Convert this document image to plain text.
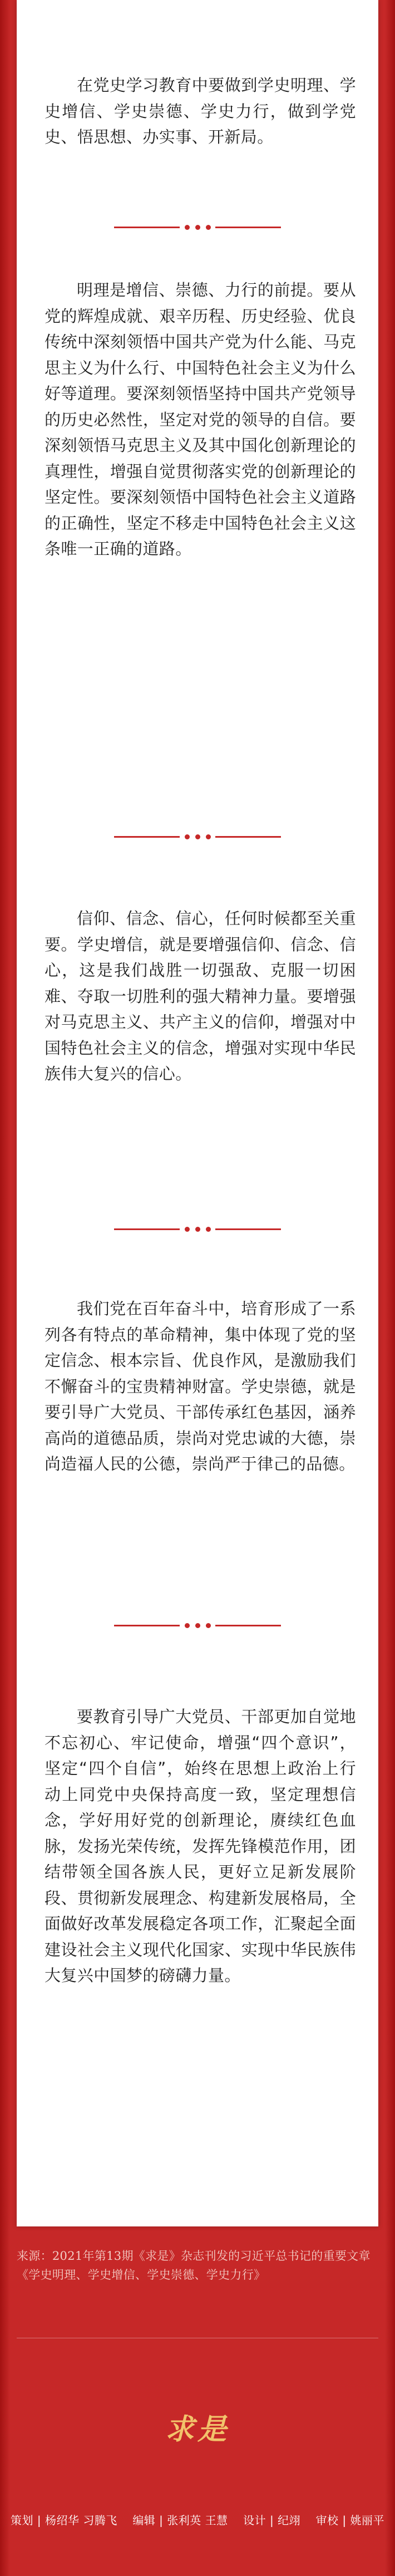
在党史学习教育中要做到学史明理、学史增信、学史崇德、学史力行，做到学党史、悟思想、办实事、开新局。

明理是增信、崇德、力行的前提。要从党的辉煌成就、艰辛历程、历史经验、优良传统中深刻领悟中国共产党为什么能、马克思主义为什么行、中国特色社会主义为什么好等道理。要深刻领悟坚持中国共产党领导的历史必然性，坚定对党的领导的自信。要深刻领悟马克思主义及其中国化创新理论的真理性，增强自觉贯彻落实党的创新理论的坚定性。要深刻领悟中国特色社会主义道路的正确性，坚定不移走中国特色社会主义这条唯一正确的道路。

信仰、信念、信心，任何时候都至关重要。学史增信，就是要增强信仰、信念、信心，这是我们战胜一切强敌、克服一切困难、夺取一切胜利的强大精神力量。要增强对马克思主义、共产主义的信仰，增强对中国特色社会主义的信念，增强对实现中华民族伟大复兴的信心。

我们党在百年奋斗中，培育形成了一系列各有特点的革命精神，集中体现了党的坚定信念、根本宗旨、优良作风，是激励我们不懈奋斗的宝贵精神财富。学史崇德，就是要引导广大党员、干部传承红色基因，涵养高尚的道德品质，崇尚对党忠诚的大德，崇尚造福人民的公德，崇尚严于律己的品德。

要教育引导广大党员、干部更加自觉地不忘初心、牢记使命，增强“四个意识”，坚定“四个自信”，始终在思想上政治上行动上同党中央保持高度一致，坚定理想信念，学好用好党的创新理论，赓续红色血脉，发扬光荣传统，发挥先锋模范作用，团结带领全国各族人民，更好立足新发展阶段、贯彻新发展理念、构建新发展格局，全面做好改革发展稳定各项工作，汇聚起全面建设社会主义现代化国家、实现中华民族伟大复兴中国梦的磅礴力量。

来源：2021年第13期《求是》杂志刊发的习近平总书记的重要文章《学史明理、学史增信、学史崇德、学史力行》
求是
策划 | 杨绍华 习腾飞 编辑 | 张利英 王慧 设计 | 纪翊 审校 | 姚丽平
